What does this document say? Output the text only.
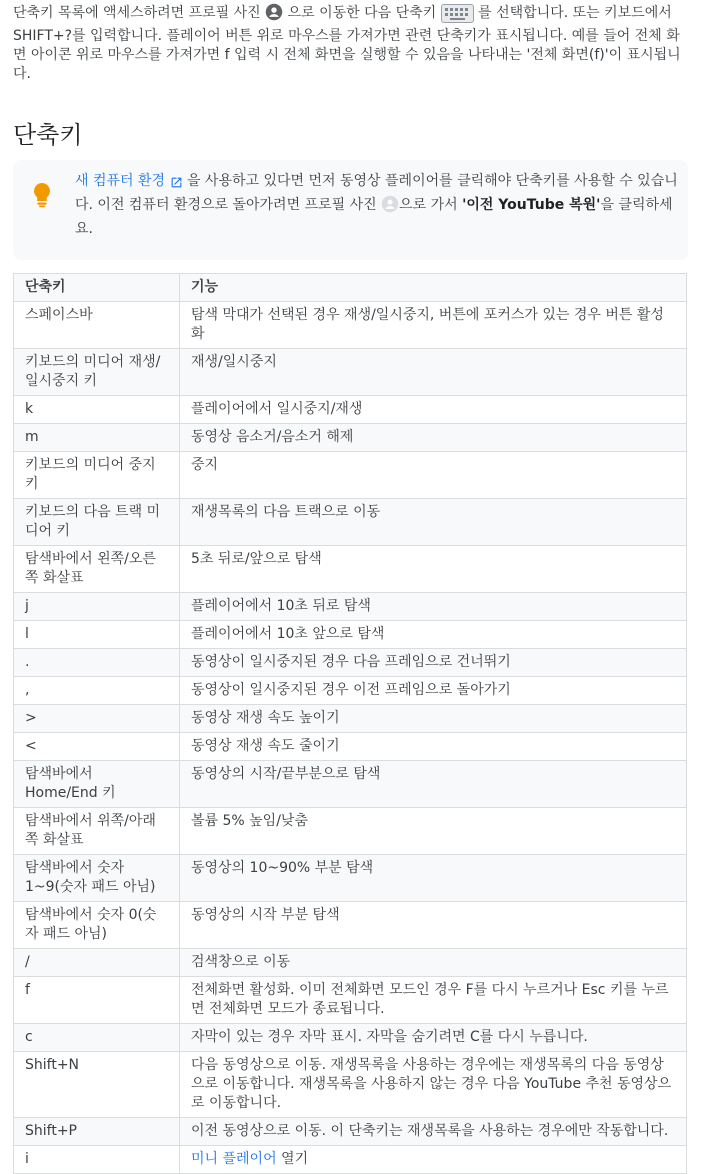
단축키 목록에 액세스하려면 프로필 사진  으로 이동한 다음 단축키	를 선택합니다. 또는 키보드에서 SHIFT+?를 입력합니다. 플레이어 버튼 위로 마우스를 가져가면 관련 단축키가 표시됩니다. 예를 들어 전체 화면 아이콘 위로 마우스를 가져가면 f 입력 시 전체 화면을 실행할 수 있음을 나타내는 '전체 화면(f)'이 표시됩니다.

단축키
새 컴퓨터 환경 을 사용하고 있다면 먼저 동영상 플레이어를 클릭해야 단축키를 사용할 수 있습니다. 이전 컴퓨터 환경으로 돌아가려면 프로필 사진 으로 가서 '이전 YouTube 복원'을 클릭하세요.
단축키	기능
스페이스바	탐색 막대가 선택된 경우 재생/일시중지, 버튼에 포커스가 있는 경우 버튼 활성화
키보드의 미디어 재생/일시중지 키	재생/일시중지
k	플레이어에서 일시중지/재생
m	동영상 음소거/음소거 해제
키보드의 미디어 중지 키	중지
키보드의 다음 트랙 미디어 키	재생목록의 다음 트랙으로 이동
탐색바에서 왼쪽/오른쪽 화살표	5초 뒤로/앞으로 탐색
j	플레이어에서 10초 뒤로 탐색
l	플레이어에서 10초 앞으로 탐색
.	동영상이 일시중지된 경우 다음 프레임으로 건너뛰기
,	동영상이 일시중지된 경우 이전 프레임으로 돌아가기
>	동영상 재생 속도 높이기
<	동영상 재생 속도 줄이기
탐색바에서 Home/End 키	동영상의 시작/끝부분으로 탐색
탐색바에서 위쪽/아래쪽 화살표	볼륨 5% 높임/낮춤
탐색바에서 숫자 1~9(숫자 패드 아님)	동영상의 10~90% 부분 탐색
탐색바에서 숫자 0(숫자 패드 아님)	동영상의 시작 부분 탐색
/	검색창으로 이동
f	전체화면 활성화. 이미 전체화면 모드인 경우 F를 다시 누르거나 Esc 키를 누르면 전체화면 모드가 종료됩니다.
c	자막이 있는 경우 자막 표시. 자막을 숨기려면 C를 다시 누릅니다.
Shift+N	다음 동영상으로 이동. 재생목록을 사용하는 경우에는 재생목록의 다음 동영상으로 이동합니다. 재생목록을 사용하지 않는 경우 다음 YouTube 추천 동영상으로 이동합니다.
Shift+P	이전 동영상으로 이동. 이 단축키는 재생목록을 사용하는 경우에만 작동합니다.
i	미니 플레이어 열기
